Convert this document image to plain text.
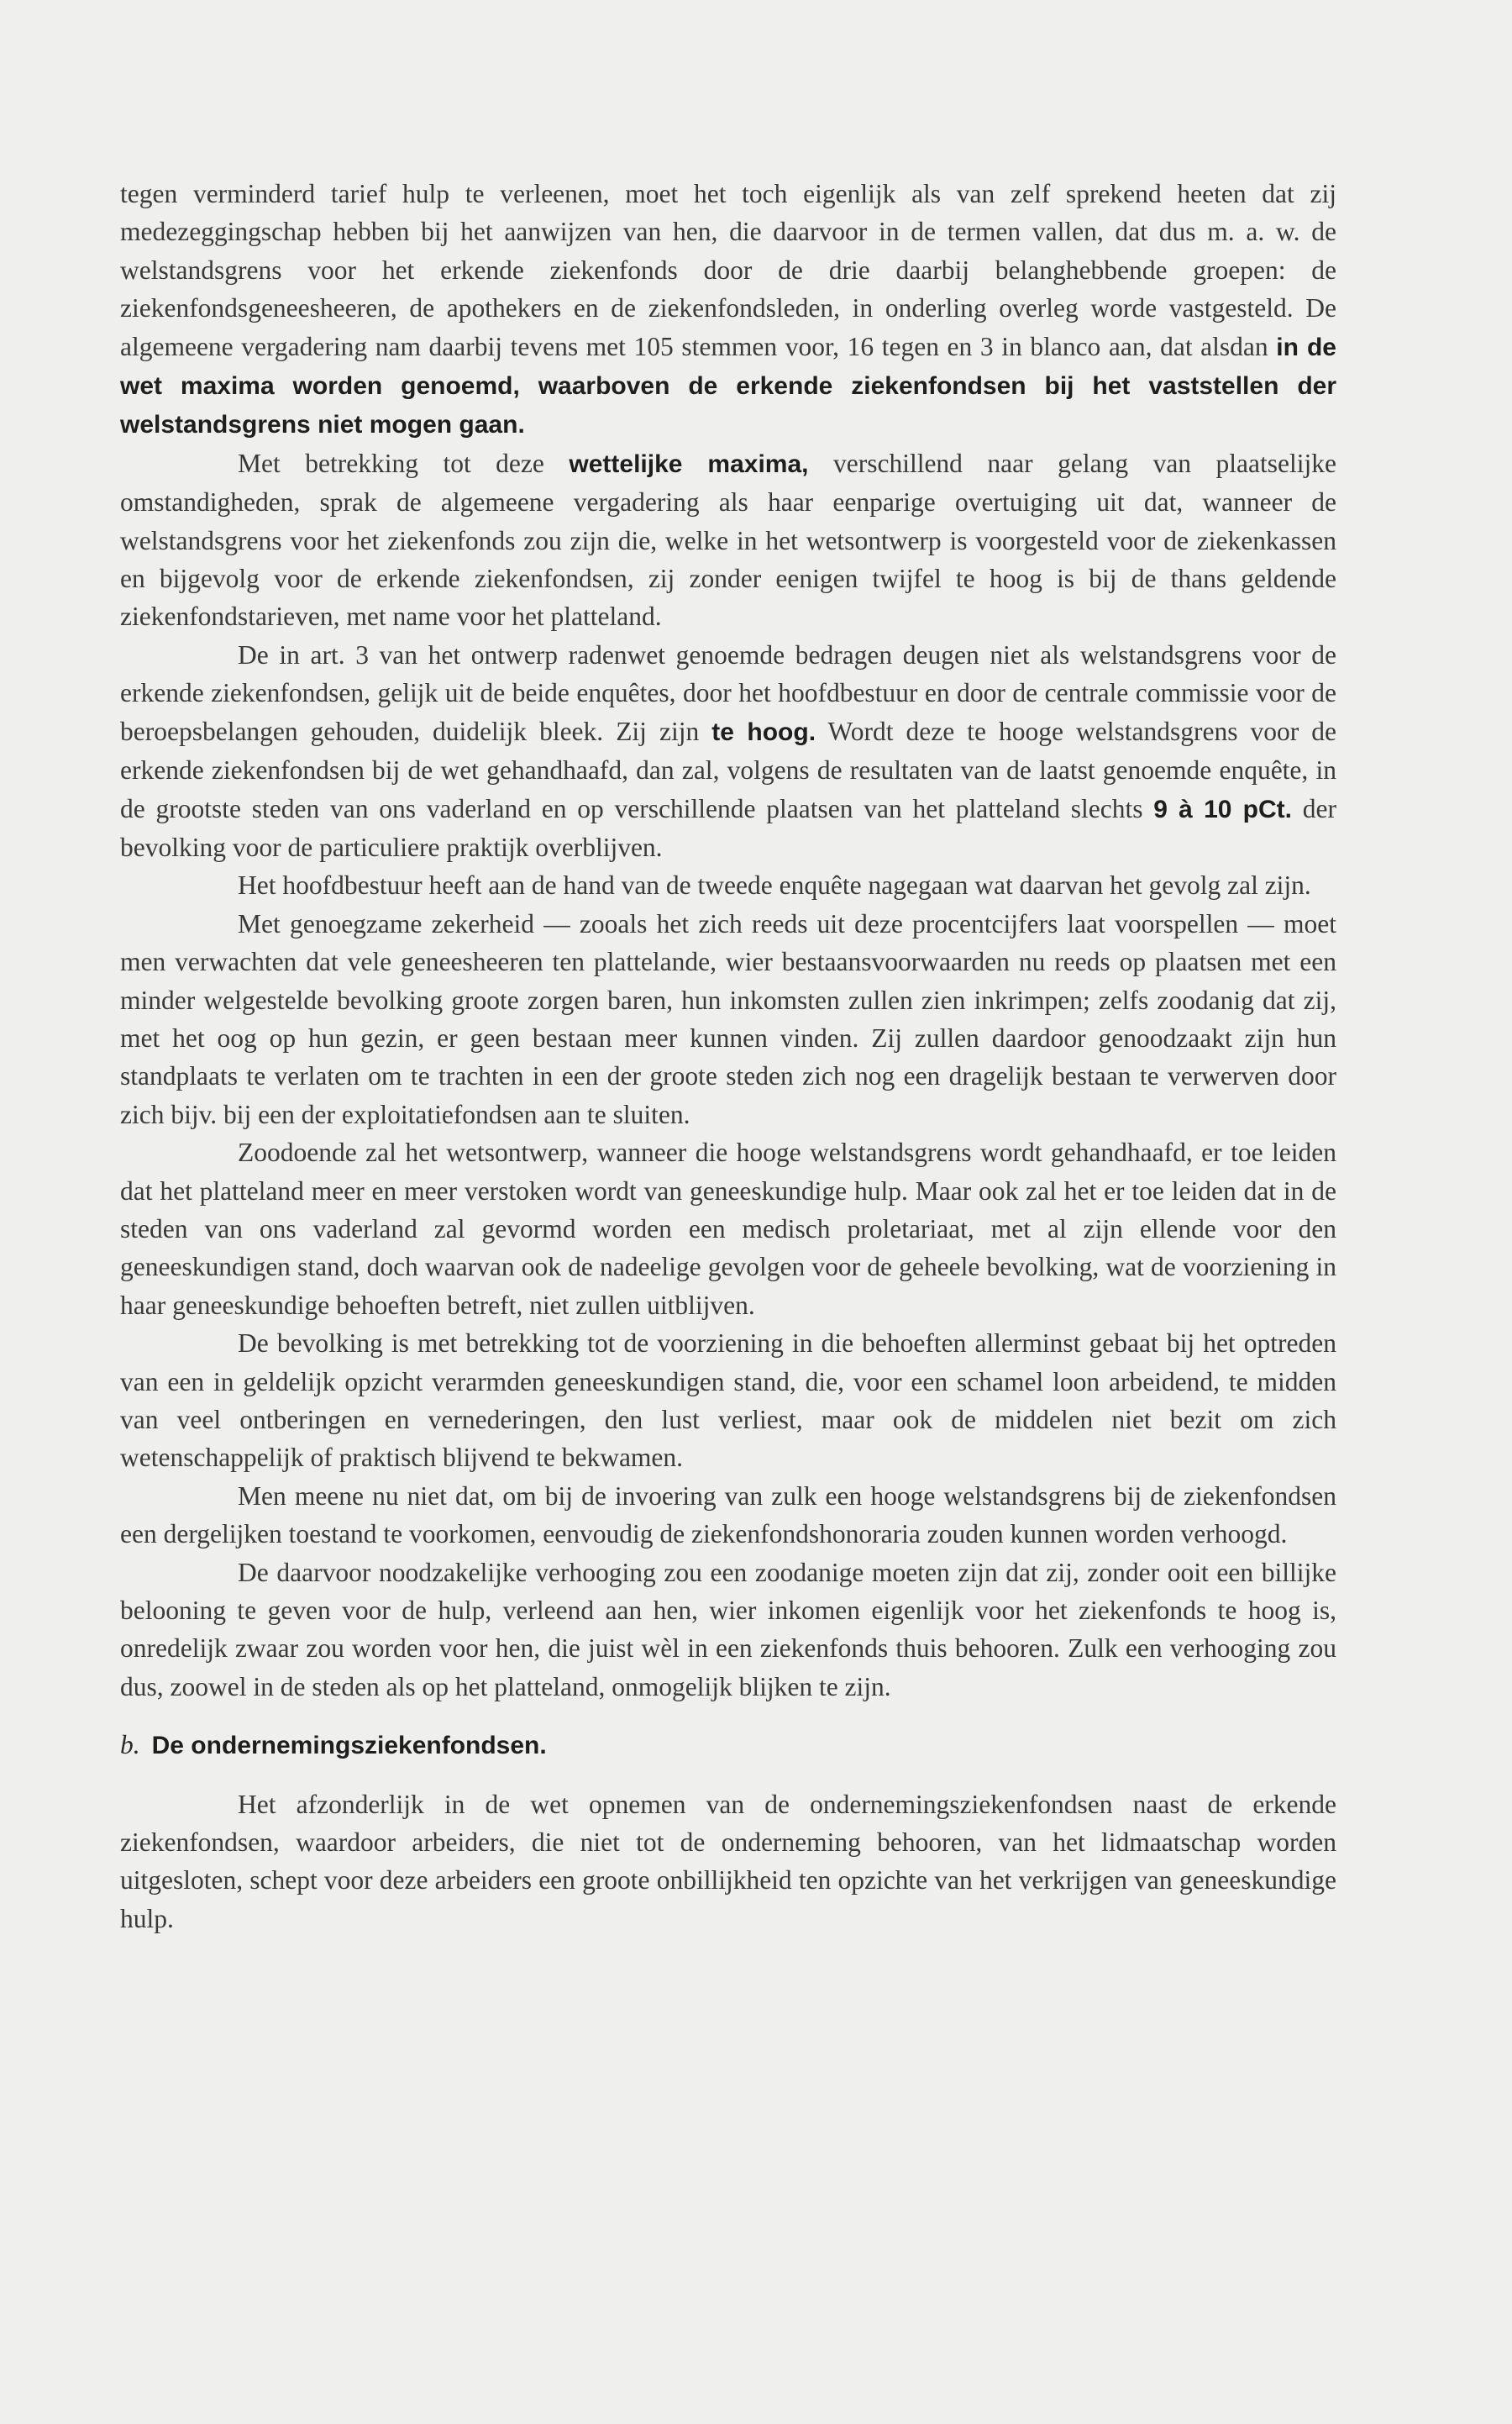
tegen verminderd tarief hulp te verleenen, moet het toch eigenlijk als van zelf sprekend heeten dat zij medezeggingschap hebben bij het aanwijzen van hen, die daarvoor in de termen vallen, dat dus m. a. w. de welstandsgrens voor het erkende ziekenfonds door de drie daarbij belanghebbende groepen: de ziekenfondsgeneesheeren, de apothekers en de ziekenfondsleden, in onderling overleg worde vastgesteld. De algemeene vergadering nam daarbij tevens met 105 stemmen voor, 16 tegen en 3 in blanco aan, dat alsdan in de wet maxima worden genoemd, waarboven de erkende ziekenfondsen bij het vaststellen der welstandsgrens niet mogen gaan.

Met betrekking tot deze wettelijke maxima, verschillend naar gelang van plaatselijke omstandigheden, sprak de algemeene vergadering als haar eenparige overtuiging uit dat, wanneer de welstandsgrens voor het ziekenfonds zou zijn die, welke in het wetsontwerp is voorgesteld voor de ziekenkassen en bijgevolg voor de erkende ziekenfondsen, zij zonder eenigen twijfel te hoog is bij de thans geldende ziekenfondstarieven, met name voor het platteland.

De in art. 3 van het ontwerp radenwet genoemde bedragen deugen niet als welstandsgrens voor de erkende ziekenfondsen, gelijk uit de beide enquêtes, door het hoofdbestuur en door de centrale commissie voor de beroepsbelangen gehouden, duidelijk bleek. Zij zijn te hoog. Wordt deze te hooge welstandsgrens voor de erkende ziekenfondsen bij de wet gehandhaafd, dan zal, volgens de resultaten van de laatst genoemde enquête, in de grootste steden van ons vaderland en op verschillende plaatsen van het platteland slechts 9 à 10 pCt. der bevolking voor de particuliere praktijk overblijven.

Het hoofdbestuur heeft aan de hand van de tweede enquête nagegaan wat daarvan het gevolg zal zijn.

Met genoegzame zekerheid — zooals het zich reeds uit deze procentcijfers laat voorspellen — moet men verwachten dat vele geneesheeren ten plattelande, wier bestaansvoorwaarden nu reeds op plaatsen met een minder welgestelde bevolking groote zorgen baren, hun inkomsten zullen zien inkrimpen; zelfs zoodanig dat zij, met het oog op hun gezin, er geen bestaan meer kunnen vinden. Zij zullen daardoor genoodzaakt zijn hun standplaats te verlaten om te trachten in een der groote steden zich nog een dragelijk bestaan te verwerven door zich bijv. bij een der exploitatiefondsen aan te sluiten.

Zoodoende zal het wetsontwerp, wanneer die hooge welstandsgrens wordt gehandhaafd, er toe leiden dat het platteland meer en meer verstoken wordt van geneeskundige hulp. Maar ook zal het er toe leiden dat in de steden van ons vaderland zal gevormd worden een medisch proletariaat, met al zijn ellende voor den geneeskundigen stand, doch waarvan ook de nadeelige gevolgen voor de geheele bevolking, wat de voorziening in haar geneeskundige behoeften betreft, niet zullen uitblijven.

De bevolking is met betrekking tot de voorziening in die behoeften allerminst gebaat bij het optreden van een in geldelijk opzicht verarmden geneeskundigen stand, die, voor een schamel loon arbeidend, te midden van veel ontberingen en vernederingen, den lust verliest, maar ook de middelen niet bezit om zich wetenschappelijk of praktisch blijvend te bekwamen.

Men meene nu niet dat, om bij de invoering van zulk een hooge welstandsgrens bij de ziekenfondsen een dergelijken toestand te voorkomen, eenvoudig de ziekenfondshonoraria zouden kunnen worden verhoogd.

De daarvoor noodzakelijke verhooging zou een zoodanige moeten zijn dat zij, zonder ooit een billijke belooning te geven voor de hulp, verleend aan hen, wier inkomen eigenlijk voor het ziekenfonds te hoog is, onredelijk zwaar zou worden voor hen, die juist wèl in een ziekenfonds thuis behooren. Zulk een verhooging zou dus, zoowel in de steden als op het platteland, onmogelijk blijken te zijn.

b. De ondernemingsziekenfondsen.

Het afzonderlijk in de wet opnemen van de ondernemingsziekenfondsen naast de erkende ziekenfondsen, waardoor arbeiders, die niet tot de onderneming behooren, van het lidmaatschap worden uitgesloten, schept voor deze arbeiders een groote onbillijkheid ten opzichte van het verkrijgen van geneeskundige hulp.
